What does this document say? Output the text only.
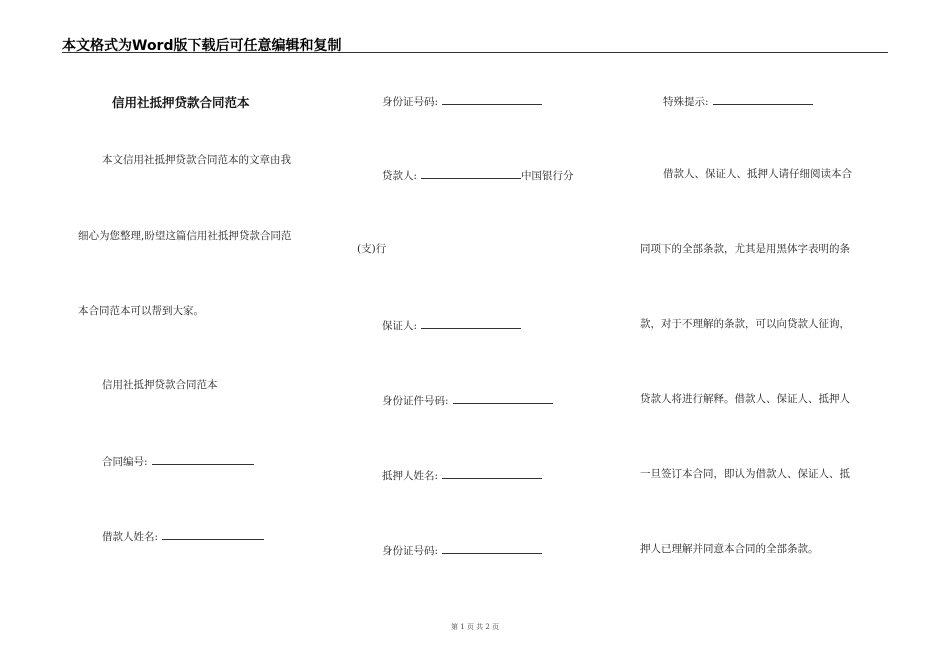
本文格式为Word版下载后可任意编辑和复制
信用社抵押贷款合同范本
本文信用社抵押贷款合同范本的文章由我
细心为您整理,盼望这篇信用社抵押贷款合同范
本合同范本可以帮到大家。
信用社抵押贷款合同范本
合同编号:
借款人姓名:
身份证号码:
贷款人:	中国银行分
(支)行
保证人:
身份证件号码:
抵押人姓名:
身份证号码:
特殊提示:
借款人、保证人、抵押人请仔细阅读本合
同项下的全部条款，尤其是用黑体字表明的条
款，对于不理解的条款，可以向贷款人征询，
贷款人将进行解释。借款人、保证人、抵押人
一旦签订本合同，即认为借款人、保证人、抵
押人已理解并同意本合同的全部条款。
第 1 页 共 2 页
